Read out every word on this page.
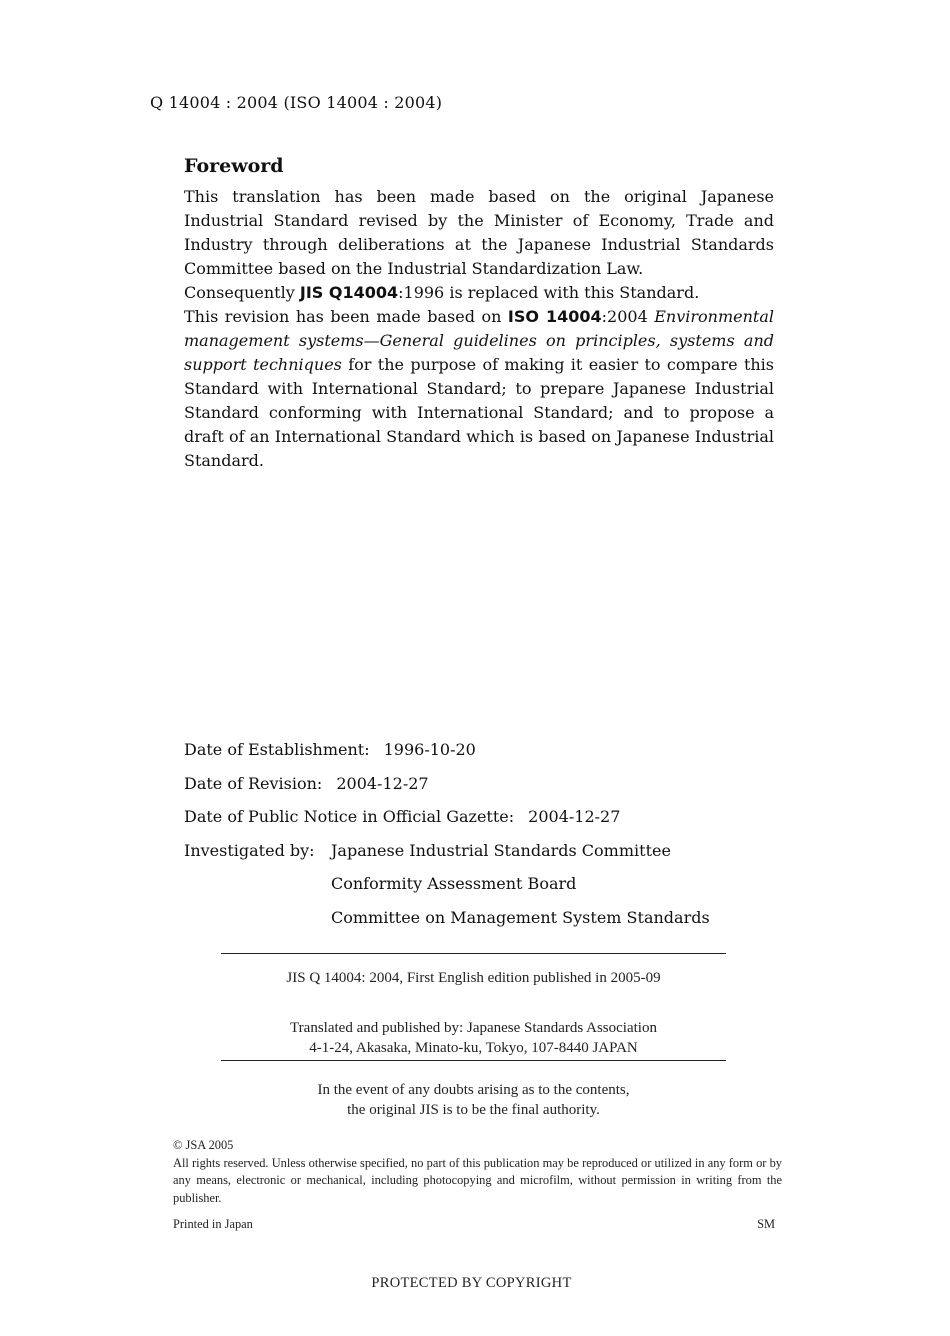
Q 14004 : 2004 (ISO 14004 : 2004)
Foreword

This translation has been made based on the original Japanese Industrial Standard revised by the Minister of Economy, Trade and Industry through deliberations at the Japanese Industrial Standards Committee based on the Industrial Standardization Law.

Consequently JIS Q14004:1996 is replaced with this Standard.

This revision has been made based on ISO 14004:2004 Environmental management systems—General guidelines on principles, systems and support techniques for the purpose of making it easier to compare this Standard with International Standard; to prepare Japanese Industrial Standard conforming with International Standard; and to propose a draft of an International Standard which is based on Japanese Industrial Standard.

Date of Establishment: 1996-10-20
Date of Revision: 2004-12-27
Date of Public Notice in Official Gazette: 2004-12-27
Investigated by: Japanese Industrial Standards Committee
Conformity Assessment Board
Committee on Management System Standards
JIS Q 14004: 2004, First English edition published in 2005-09
Translated and published by: Japanese Standards Association
4-1-24, Akasaka, Minato-ku, Tokyo, 107-8440 JAPAN
In the event of any doubts arising as to the contents,
the original JIS is to be the final authority.
© JSA 2005
All rights reserved. Unless otherwise specified, no part of this publication may be reproduced or utilized in any form or by any means, electronic or mechanical, including photocopying and microfilm, without permission in writing from the publisher.
Printed in Japan	SM
PROTECTED BY COPYRIGHT
